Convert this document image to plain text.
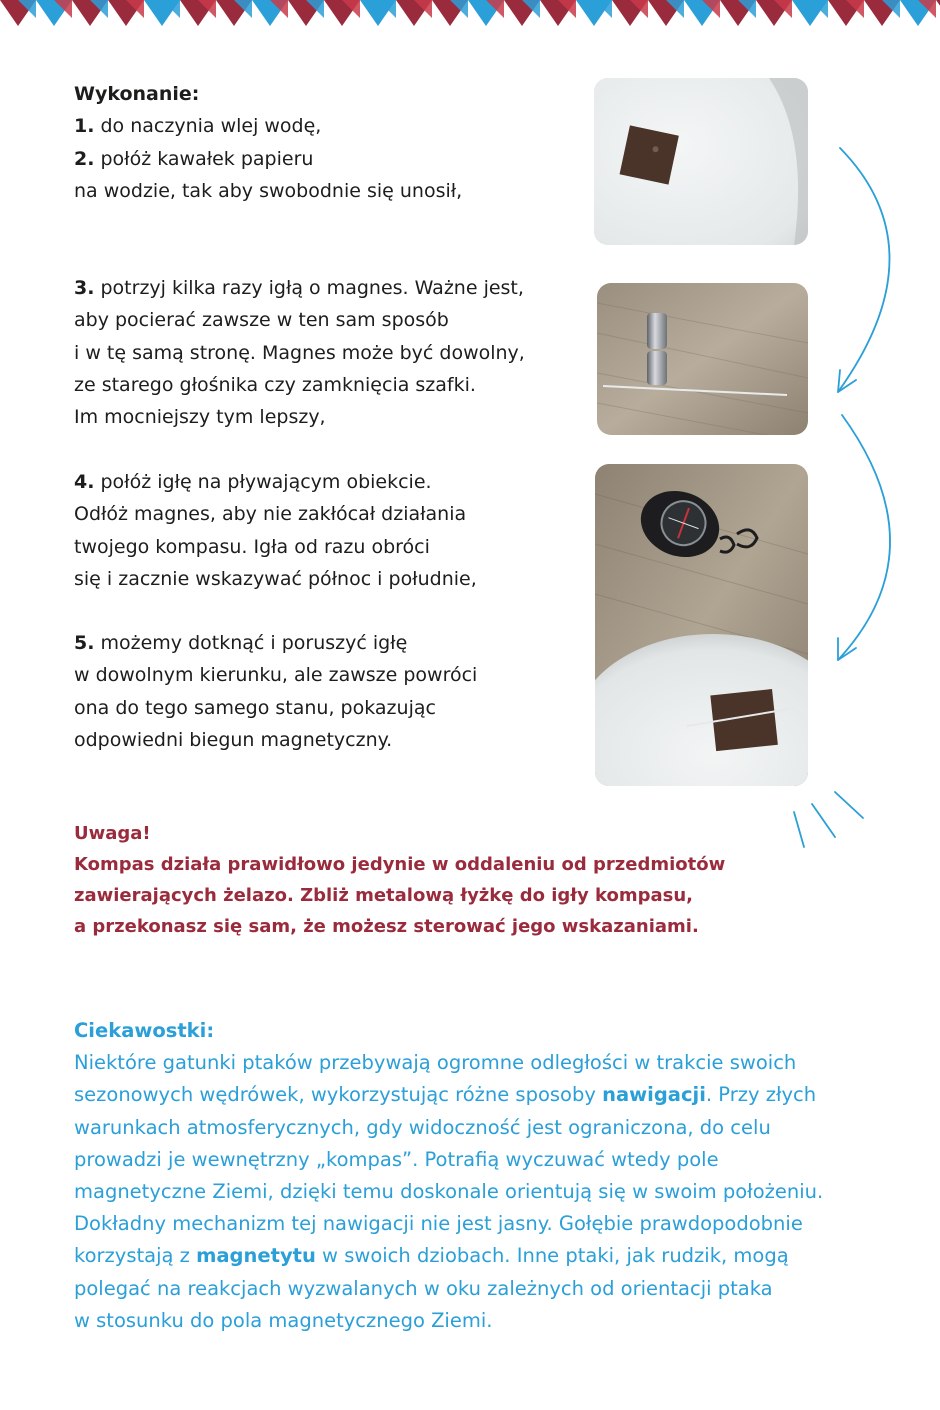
Wykonanie:
1. do naczynia wlej wodę,
2. połóż kawałek papieru
na wodzie, tak aby swobodnie się unosił,
3. potrzyj kilka razy igłą o magnes. Ważne jest,
aby pocierać zawsze w ten sam sposób
i w tę samą stronę. Magnes może być dowolny,
ze starego głośnika czy zamknięcia szafki.
Im mocniejszy tym lepszy,
4. połóż igłę na pływającym obiekcie.
Odłóż magnes, aby nie zakłócał działania
twojego kompasu. Igła od razu obróci
się i zacznie wskazywać północ i południe,
5. możemy dotknąć i poruszyć igłę
w dowolnym kierunku, ale zawsze powróci
ona do tego samego stanu, pokazując
odpowiedni biegun magnetyczny.
Uwaga!
Kompas działa prawidłowo jedynie w oddaleniu od przedmiotów
zawierających żelazo. Zbliż metalową łyżkę do igły kompasu,
a przekonasz się sam, że możesz sterować jego wskazaniami.
Ciekawostki:
Niektóre gatunki ptaków przebywają ogromne odległości w trakcie swoich
sezonowych wędrówek, wykorzystując różne sposoby nawigacji. Przy złych
warunkach atmosferycznych, gdy widoczność jest ograniczona, do celu
prowadzi je wewnętrzny „kompas”. Potrafią wyczuwać wtedy pole
magnetyczne Ziemi, dzięki temu doskonale orientują się w swoim położeniu.
Dokładny mechanizm tej nawigacji nie jest jasny. Gołębie prawdopodobnie
korzystają z magnetytu w swoich dziobach. Inne ptaki, jak rudzik, mogą
polegać na reakcjach wyzwalanych w oku zależnych od orientacji ptaka
w stosunku do pola magnetycznego Ziemi.
